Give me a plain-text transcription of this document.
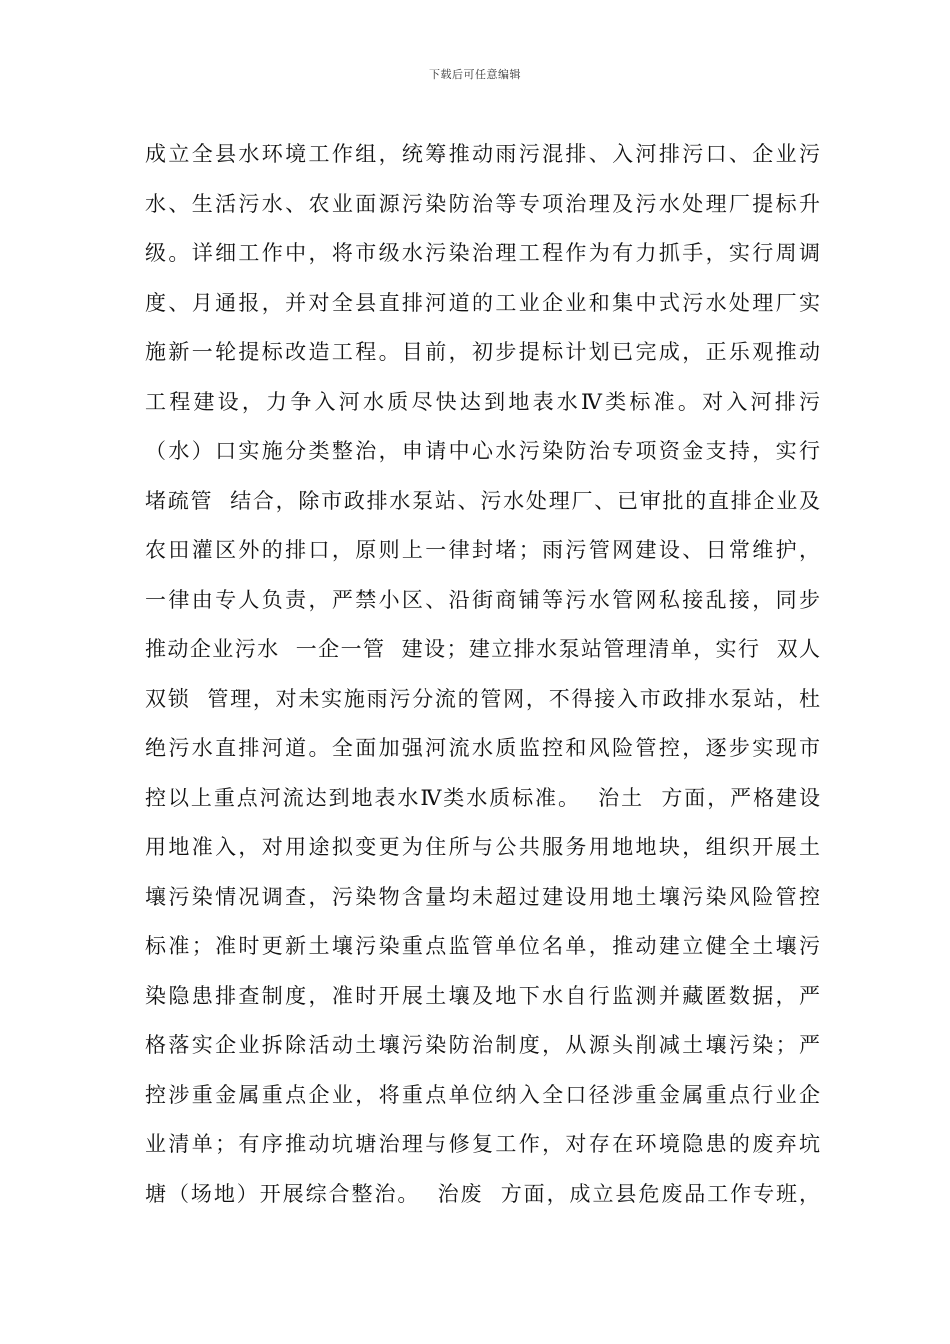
下载后可任意编辑
成立全县水环境工作组，统筹推动雨污混排、入河排污口、企业污
水、生活污水、农业面源污染防治等专项治理及污水处理厂提标升
级。详细工作中，将市级水污染治理工程作为有力抓手，实行周调
度、月通报，并对全县直排河道的工业企业和集中式污水处理厂实
施新一轮提标改造工程。目前，初步提标计划已完成，正乐观推动
工程建设，力争入河水质尽快达到地表水Ⅳ类标准。对入河排污
（水）口实施分类整治，申请中心水污染防治专项资金支持，实行
堵疏管  结合，除市政排水泵站、污水处理厂、已审批的直排企业及
农田灌区外的排口，原则上一律封堵；雨污管网建设、日常维护，
一律由专人负责，严禁小区、沿街商铺等污水管网私接乱接，同步
推动企业污水  一企一管  建设；建立排水泵站管理清单，实行  双人
双锁  管理，对未实施雨污分流的管网，不得接入市政排水泵站，杜
绝污水直排河道。全面加强河流水质监控和风险管控，逐步实现市
控以上重点河流达到地表水Ⅳ类水质标准。  治土  方面，严格建设
用地准入，对用途拟变更为住所与公共服务用地地块，组织开展土
壤污染情况调查，污染物含量均未超过建设用地土壤污染风险管控
标准；准时更新土壤污染重点监管单位名单，推动建立健全土壤污
染隐患排查制度，准时开展土壤及地下水自行监测并藏匿数据，严
格落实企业拆除活动土壤污染防治制度，从源头削减土壤污染；严
控涉重金属重点企业，将重点单位纳入全口径涉重金属重点行业企
业清单；有序推动坑塘治理与修复工作，对存在环境隐患的废弃坑
塘（场地）开展综合整治。  治废  方面，成立县危废品工作专班，
